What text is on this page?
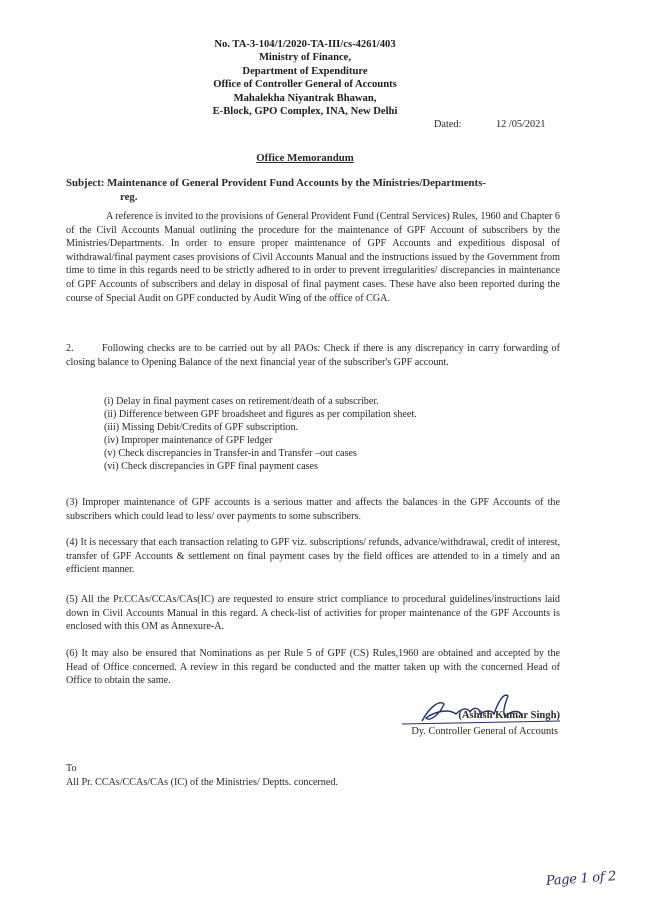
No. TA-3-104/1/2020-TA-III/cs-4261/403
Ministry of Finance,
Department of Expenditure
Office of Controller General of Accounts
Mahalekha Niyantrak Bhawan,
E-Block, GPO Complex, INA, New Delhi
Dated:	12 /05/2021
Office Memorandum
Subject: Maintenance of General Provident Fund Accounts by the Ministries/Departments-
reg.
A reference is invited to the provisions of General Provident Fund (Central Services) Rules, 1960 and Chapter 6 of the Civil Accounts Manual outlining the procedure for the maintenance of GPF Account of subscribers by the Ministries/Departments. In order to ensure proper maintenance of GPF Accounts and expeditious disposal of withdrawal/final payment cases provisions of Civil Accounts Manual and the instructions issued by the Government from time to time in this regards need to be strictly adhered to in order to prevent irregularities/ discrepancies in maintenance of GPF Accounts of subscribers and delay in disposal of final payment cases. These have also been reported during the course of Special Audit on GPF conducted by Audit Wing of the office of CGA.
2.        Following checks are to be carried out by all PAOs: Check if there is any discrepancy in carry forwarding of closing balance to Opening Balance of the next financial year of the subscriber's GPF account.
(i) Delay in final payment cases on retirement/death of a subscriber.
(ii) Difference between GPF broadsheet and figures as per compilation sheet.
(iii) Missing Debit/Credits of GPF subscription.
(iv) Improper maintenance of GPF ledger
(v) Check discrepancies in Transfer-in and Transfer –out cases
(vi) Check discrepancies in GPF final payment cases
(3) Improper maintenance of GPF accounts is a serious matter and affects the balances in the GPF Accounts of the subscribers which could lead to less/ over payments to some subscribers.
(4) It is necessary that each transaction relating to GPF viz. subscriptions/ refunds, advance/withdrawal, credit of interest, transfer of GPF Accounts & settlement on final payment cases by the field offices are attended to in a timely and an efficient manner.
(5) All the Pr.CCAs/CCAs/CAs(IC) are requested to ensure strict compliance to procedural guidelines/instructions laid down in Civil Accounts Manual in this regard. A check-list of activities for proper maintenance of the GPF Accounts is enclosed with this OM as Annexure-A.
(6) It may also be ensured that Nominations as per Rule 5 of GPF (CS) Rules,1960 are obtained and accepted by the Head of Office concerned. A review in this regard be conducted and the matter taken up with the concerned Head of Office to obtain the same.
(Ashish Kumar Singh)
Dy. Controller General of Accounts
To
All Pr. CCAs/CCAs/CAs (IC) of the Ministries/ Deptts. concerned.
Page 1 of 2
